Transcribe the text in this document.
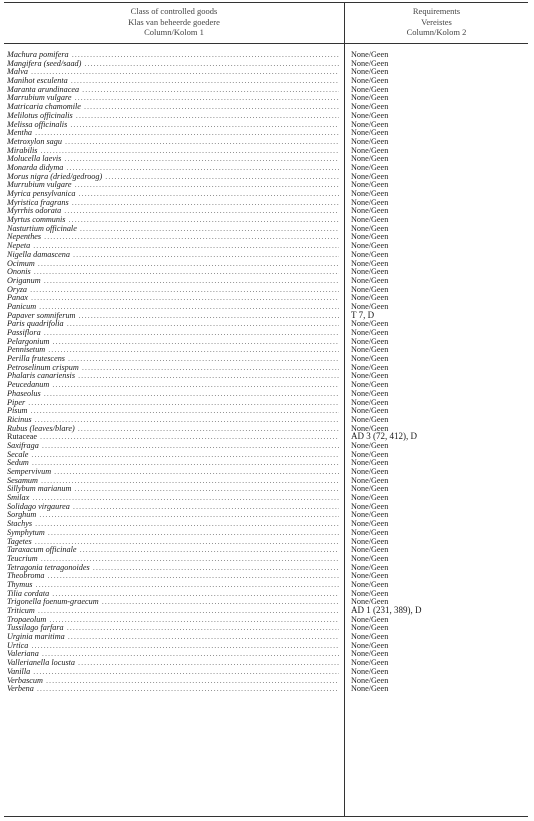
Class of controlled goods
Klas van beheerde goedere
Column/Kolom 1
Requirements
Vereistes
Column/Kolom 2
Machura pomifera .....	None/Geen
Mangifera (seed/saad) .....	None/Geen
Malva .....	None/Geen
Manihot esculenta .....	None/Geen
Maranta arundinacea .....	None/Geen
Marrubium vulgare .....	None/Geen
Matricaria chamomile .....	None/Geen
Melilotus officinalis .....	None/Geen
Melissa officinalis .....	None/Geen
Mentha .....	None/Geen
Metroxylon sagu .....	None/Geen
Mirabilis .....	None/Geen
Molucella laevis .....	None/Geen
Monarda didyma .....	None/Geen
Morus nigra (dried/gedroog) .....	None/Geen
Murrubium vulgare .....	None/Geen
Myrica pensylvanica .....	None/Geen
Myristica fragrans .....	None/Geen
Myrrhis odorata .....	None/Geen
Myrtus communis .....	None/Geen
Nasturtium officinale .....	None/Geen
Nepenthes .....	None/Geen
Nepeta .....	None/Geen
Nigella damascena .....	None/Geen
Ocimum .....	None/Geen
Ononis .....	None/Geen
Origanum .....	None/Geen
Oryza .....	None/Geen
Panax .....	None/Geen
Panicum .....	None/Geen
Papaver somniferum .....	T 7, D
Paris quadrifolia .....	None/Geen
Passiflora .....	None/Geen
Pelargonium .....	None/Geen
Pennisetum .....	None/Geen
Perilla frutescens .....	None/Geen
Petroselinum crispum .....	None/Geen
Phalaris canariensis .....	None/Geen
Peucedanum .....	None/Geen
Phaseolus .....	None/Geen
Piper .....	None/Geen
Pisum .....	None/Geen
Ricinus .....	None/Geen
Rubus (leaves/blare) .....	None/Geen
Rutaceae .....	AD 3 (72, 412), D
Saxifraga .....	None/Geen
Secale .....	None/Geen
Sedum .....	None/Geen
Sempervivum .....	None/Geen
Sesamum .....	None/Geen
Sillybum marianum .....	None/Geen
Smilax .....	None/Geen
Solidago virgaurea .....	None/Geen
Sorghum .....	None/Geen
Stachys .....	None/Geen
Symphytum .....	None/Geen
Tagetes .....	None/Geen
Taraxacum officinale .....	None/Geen
Teucrium .....	None/Geen
Tetragonia tetragonoides .....	None/Geen
Theobroma .....	None/Geen
Thymus .....	None/Geen
Tilia cordata .....	None/Geen
Trigonella foenum-graecum .....	None/Geen
Triticum .....	AD 1 (231, 389), D
Tropaeolum .....	None/Geen
Tussilago farfara .....	None/Geen
Urginia maritima .....	None/Geen
Urtica .....	None/Geen
Valeriana .....	None/Geen
Vallerianella locusta .....	None/Geen
Vanilla .....	None/Geen
Verbascum .....	None/Geen
Verbena .....	None/Geen
